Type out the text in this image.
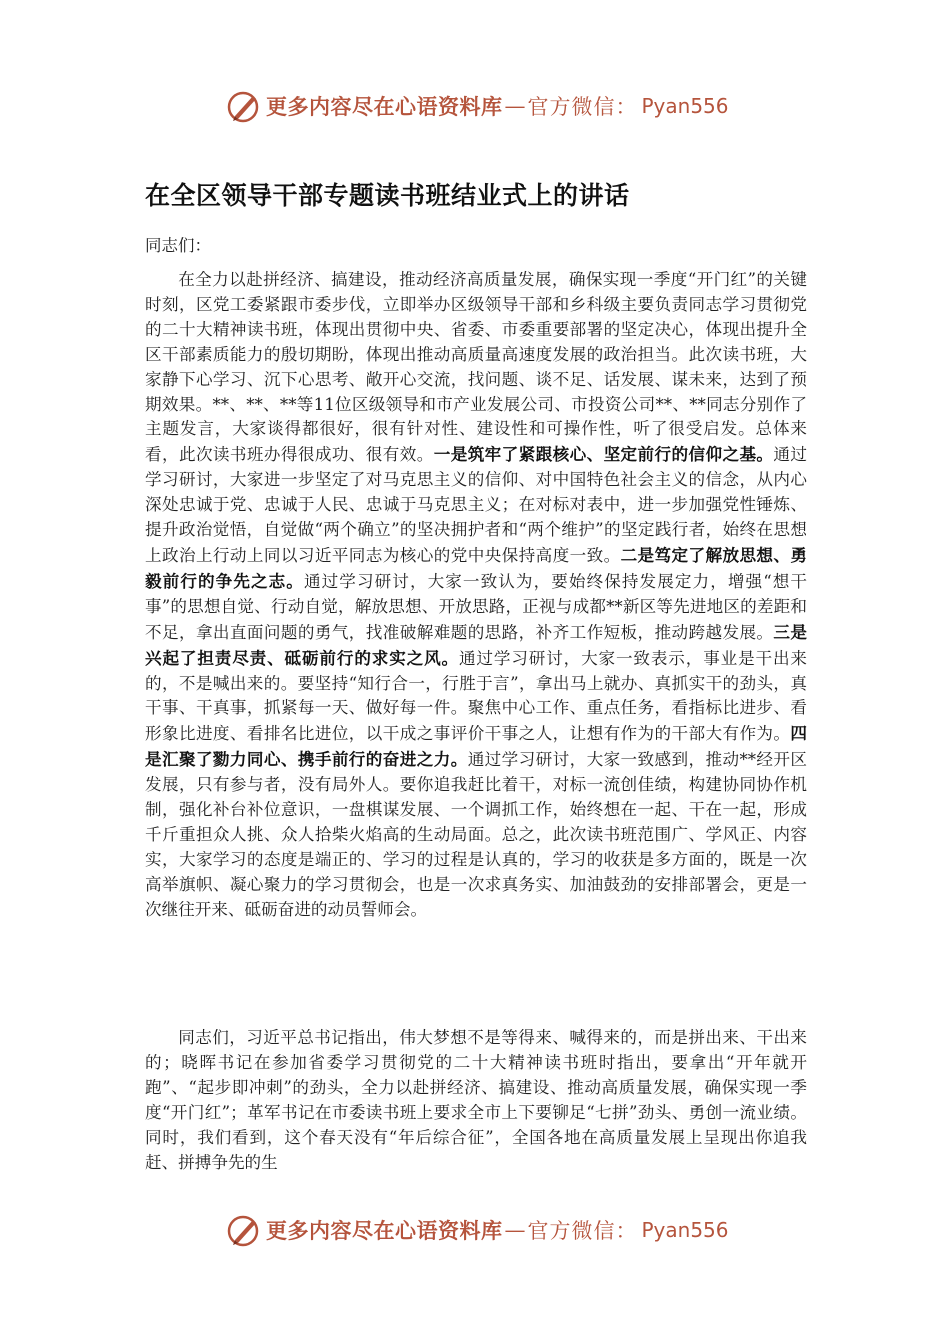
更多内容尽在心语资料库 — 官方微信： Pyan556
在全区领导干部专题读书班结业式上的讲话

同志们：

在全力以赴拼经济、搞建设，推动经济高质量发展，确保实现一季度“开门红”的关键时刻，区党工委紧跟市委步伐，立即举办区级领导干部和乡科级主要负责同志学习贯彻党的二十大精神读书班，体现出贯彻中央、省委、市委重要部署的坚定决心，体现出提升全区干部素质能力的殷切期盼，体现出推动高质量高速度发展的政治担当。此次读书班，大家静下心学习、沉下心思考、敞开心交流，找问题、谈不足、话发展、谋未来，达到了预期效果。**、**、**等11位区级领导和市产业发展公司、市投资公司**、**同志分别作了主题发言，大家谈得都很好，很有针对性、建设性和可操作性，听了很受启发。总体来看，此次读书班办得很成功、很有效。一是筑牢了紧跟核心、坚定前行的信仰之基。通过学习研讨，大家进一步坚定了对马克思主义的信仰、对中国特色社会主义的信念，从内心深处忠诚于党、忠诚于人民、忠诚于马克思主义；在对标对表中，进一步加强党性锤炼、提升政治觉悟，自觉做“两个确立”的坚决拥护者和“两个维护”的坚定践行者，始终在思想上政治上行动上同以习近平同志为核心的党中央保持高度一致。二是笃定了解放思想、勇毅前行的争先之志。通过学习研讨，大家一致认为，要始终保持发展定力，增强“想干事”的思想自觉、行动自觉，解放思想、开放思路，正视与成都**新区等先进地区的差距和不足，拿出直面问题的勇气，找准破解难题的思路，补齐工作短板，推动跨越发展。三是兴起了担责尽责、砥砺前行的求实之风。通过学习研讨，大家一致表示，事业是干出来的，不是喊出来的。要坚持“知行合一，行胜于言”，拿出马上就办、真抓实干的劲头，真干事、干真事，抓紧每一天、做好每一件。聚焦中心工作、重点任务，看指标比进步、看形象比进度、看排名比进位，以干成之事评价干事之人，让想有作为的干部大有作为。四是汇聚了勠力同心、携手前行的奋进之力。通过学习研讨，大家一致感到，推动**经开区发展，只有参与者，没有局外人。要你追我赶比着干，对标一流创佳绩，构建协同协作机制，强化补台补位意识，一盘棋谋发展、一个调抓工作，始终想在一起、干在一起，形成千斤重担众人挑、众人拾柴火焰高的生动局面。总之，此次读书班范围广、学风正、内容实，大家学习的态度是端正的、学习的过程是认真的，学习的收获是多方面的，既是一次高举旗帜、凝心聚力的学习贯彻会，也是一次求真务实、加油鼓劲的安排部署会，更是一次继往开来、砥砺奋进的动员誓师会。

同志们，习近平总书记指出，伟大梦想不是等得来、喊得来的，而是拼出来、干出来的；晓晖书记在参加省委学习贯彻党的二十大精神读书班时指出，要拿出“开年就开跑”、“起步即冲刺”的劲头，全力以赴拼经济、搞建设、推动高质量发展，确保实现一季度“开门红”；革军书记在市委读书班上要求全市上下要铆足“七拼”劲头、勇创一流业绩。同时，我们看到，这个春天没有“年后综合征”，全国各地在高质量发展上呈现出你追我赶、拼搏争先的生

更多内容尽在心语资料库 — 官方微信： Pyan556
